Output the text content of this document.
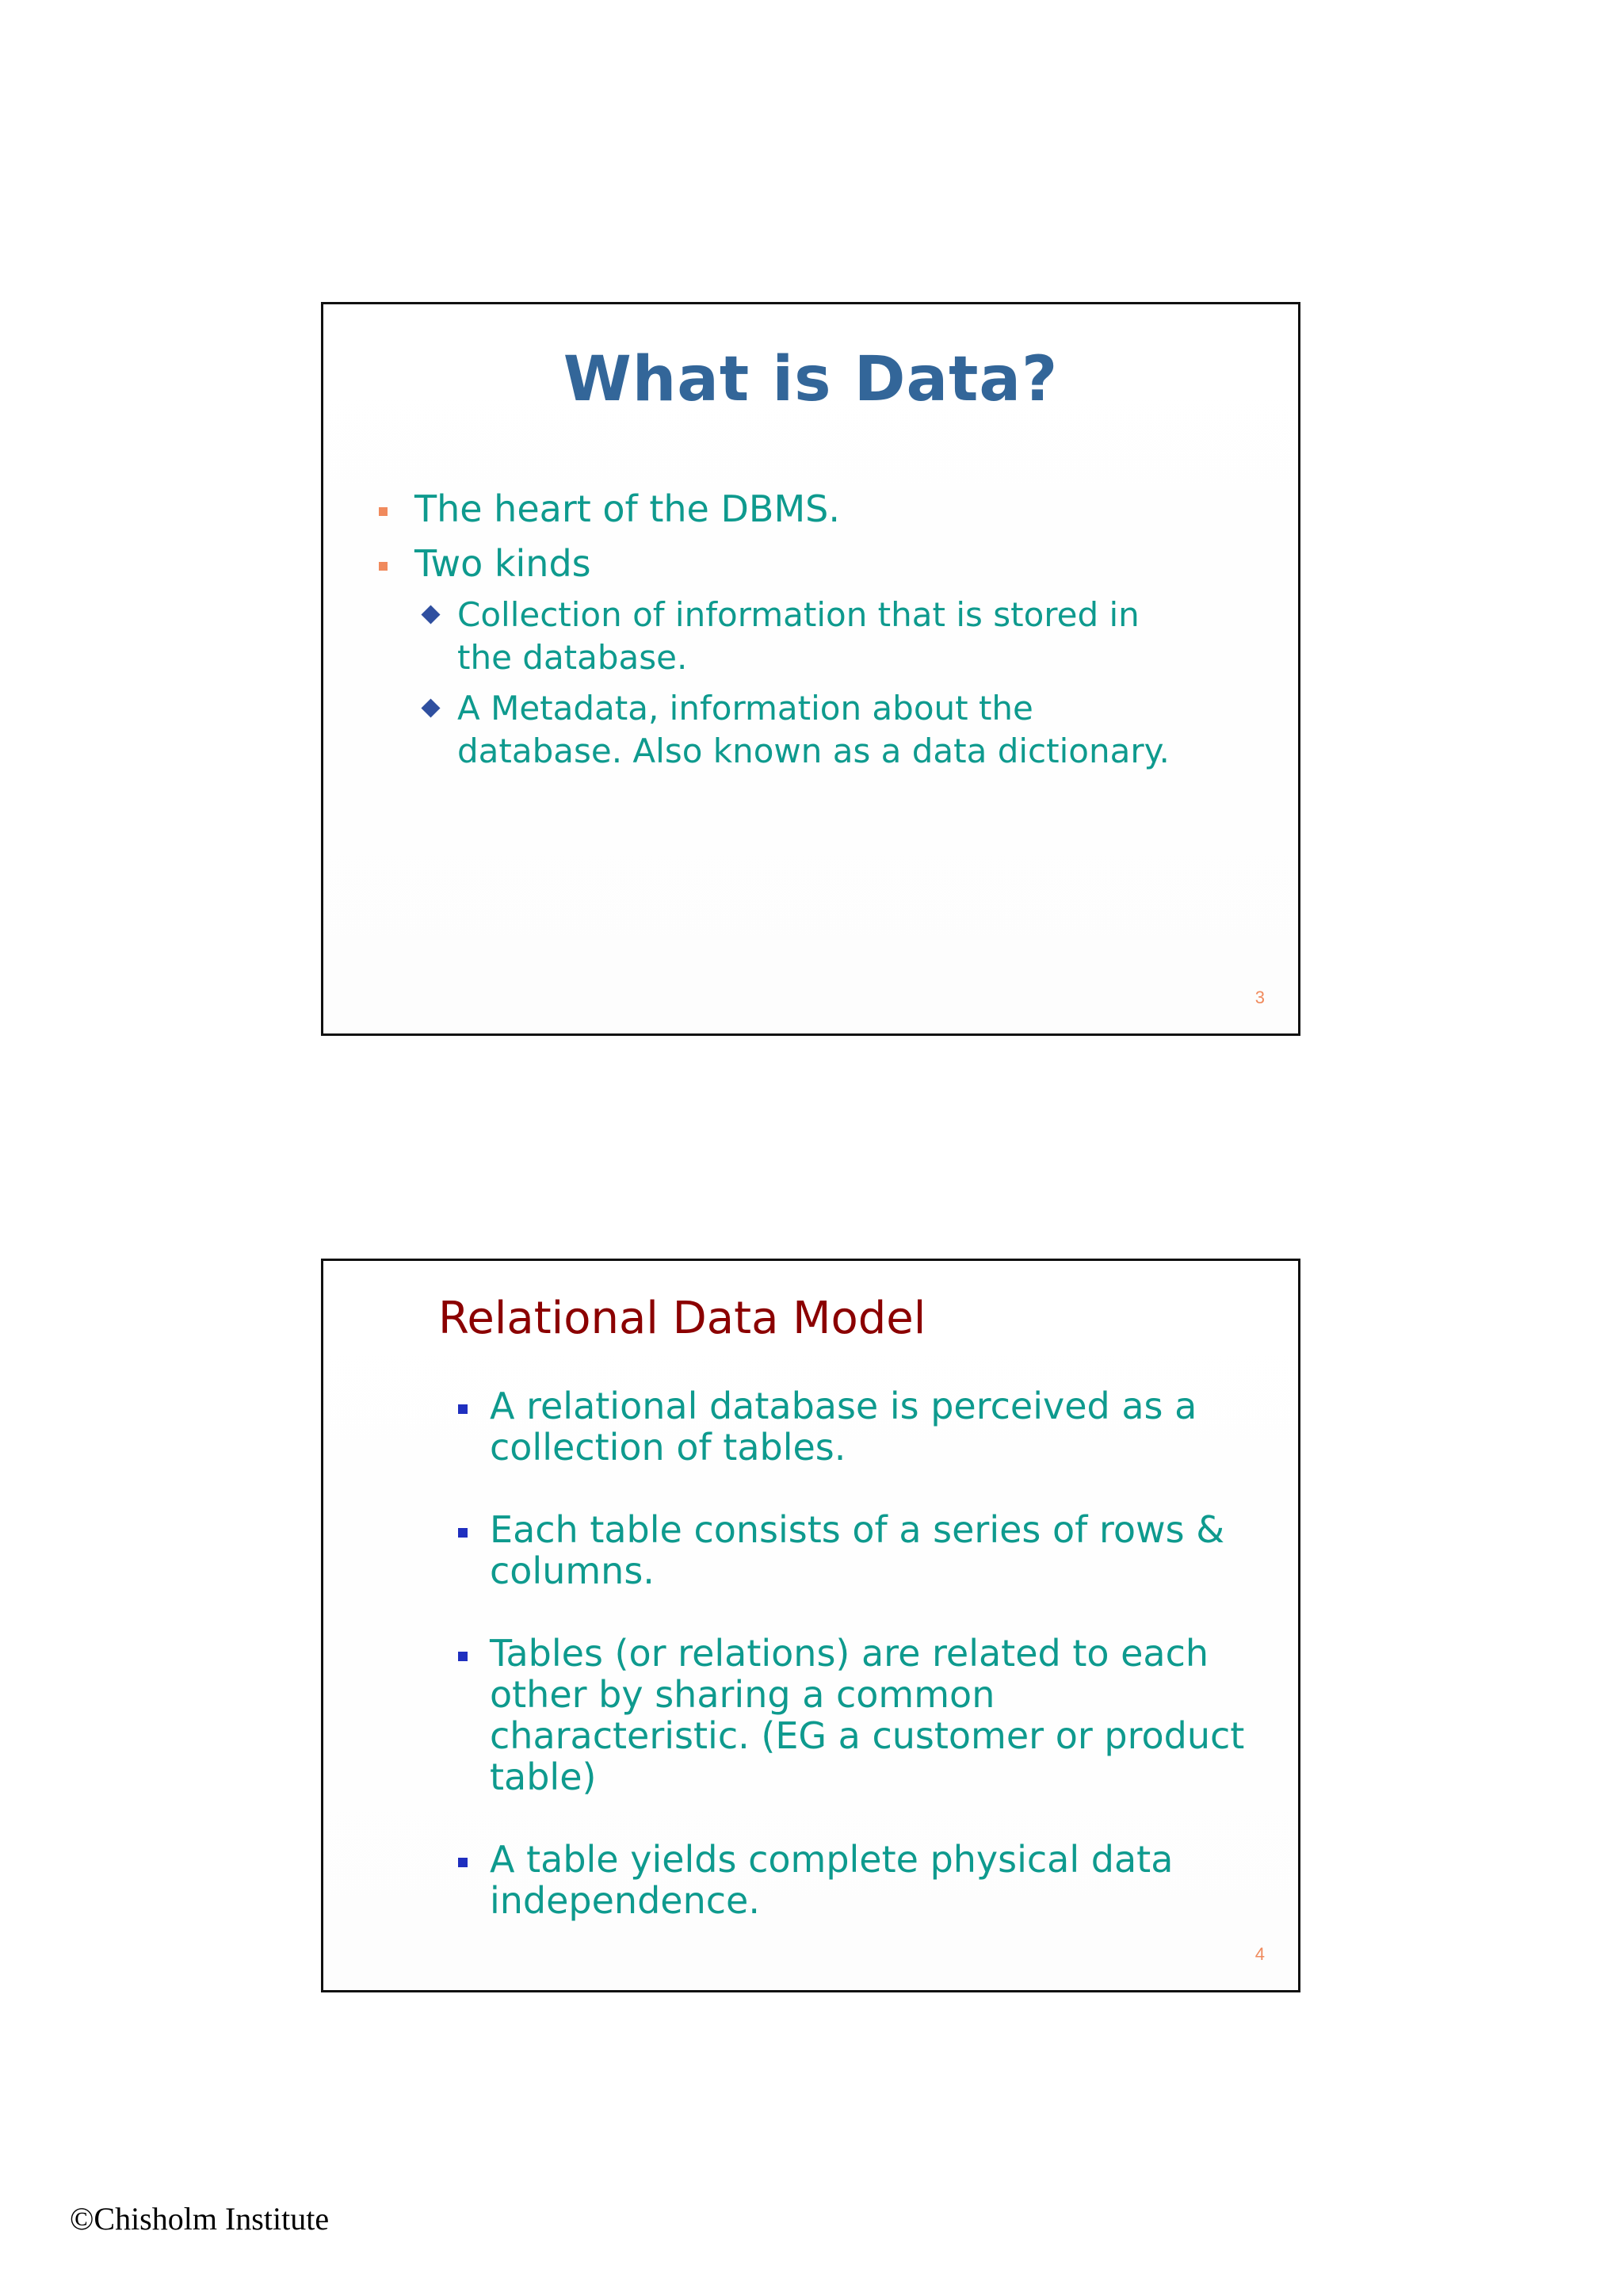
What is Data?
The heart of the DBMS.
Two kinds
Collection of information that is stored in the database.
A Metadata, information about the database. Also known as a data dictionary.
3
Relational Data Model
A relational database is perceived as a collection of tables.
Each table consists of a series of rows & columns.
Tables (or relations) are related to each other by sharing a common characteristic. (EG a customer or product table)
A table yields complete physical data independence.
4
©Chisholm Institute
